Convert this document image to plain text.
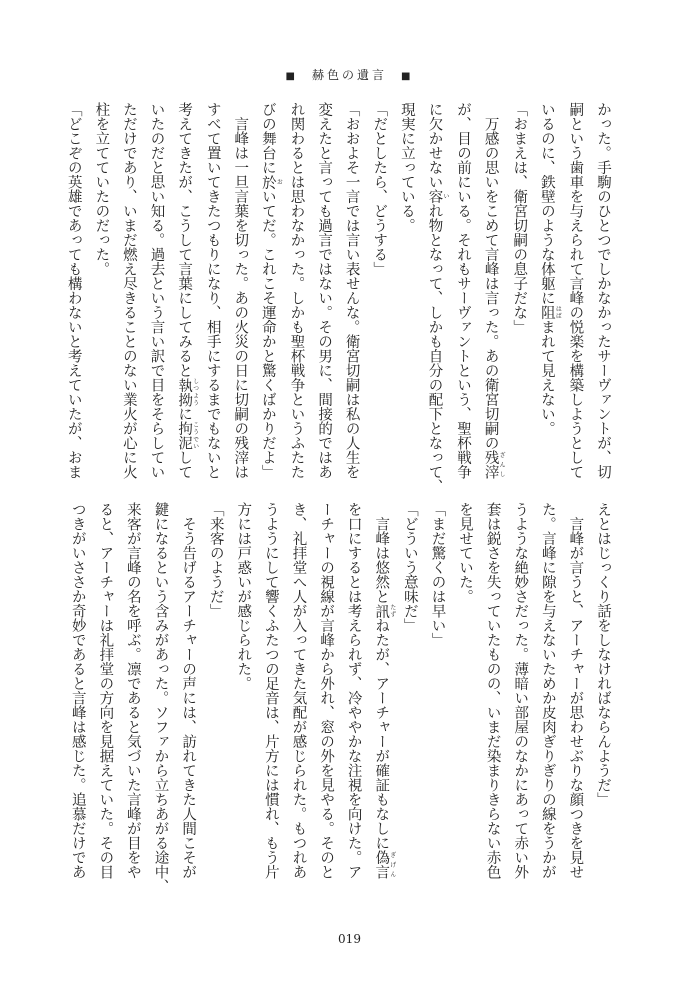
■ 赫色の遺言 ■
かった。手駒のひとつでしかなかったサーヴァントが、切
嗣という歯車を与えられて言峰の悦楽を構築しようとして
いるのに、鉄壁のような体躯に阻 はばまれて見えない。
「おまえは、衛宮切嗣の息子だな」
　万感の思いをこめて言峰は言った。あの衛宮切嗣の残滓 ざんし
が、目の前にいる。それもサーヴァントという、聖杯戦争
に欠かせない容 いれ物となって、しかも自分の配下となって、
現実に立っている。
「だとしたら、どうする」
「おおよそ一言では言い表せんな。衛宮切嗣は私の人生を
変えたと言っても過言ではない。その男に、間接的ではあ
れ関わるとは思わなかった。しかも聖杯戦争というふたた
びの舞台に於 おいてだ。これこそ運命かと驚くばかりだよ」
　言峰は一旦言葉を切った。あの火災の日に切嗣の残滓は
すべて置いてきたつもりになり、相手にするまでもないと
考えてきたが、こうして言葉にしてみると執拗 しつように拘泥 こうでいして
いたのだと思い知る。過去という言い訳で目をそらしてい
ただけであり、いまだ燃え尽きることのない業火が心に火
柱を立てていたのだった。
「どこぞの英雄であっても構わないと考えていたが、おま
えとはじっくり話をしなければならんようだ」
　言峰が言うと、アーチャーが思わせぶりな顔つきを見せ
た。言峰に隙を与えないためか皮肉ぎりぎりの線をうかが
うような絶妙さだった。薄暗い部屋のなかにあって赤い外
套は鋭さを失っていたものの、いまだ染まりきらない赤色
を見せていた。
「まだ驚くのは早い」
「どういう意味だ」
　言峰は悠然と訊 たずねたが、アーチャーが確証もなしに偽言 ぎげん
を口にするとは考えられず、冷ややかな注視を向けた。ア
ーチャーの視線が言峰から外れ、窓の外を見やる。そのと
き、礼拝堂へ人が入ってきた気配が感じられた。もつれあ
うようにして響くふたつの足音は、片方には慣れ、もう片
方には戸惑いが感じられた。
「来客のようだ」
　そう告げるアーチャーの声には、訪れてきた人間こそが
鍵になるという含みがあった。ソファから立ちあがる途中、
来客が言峰の名を呼ぶ。凛であると気づいた言峰が目をや
ると、アーチャーは礼拝堂の方向を見据えていた。その目
つきがいささか奇妙であると言峰は感じた。追慕だけであ
019
